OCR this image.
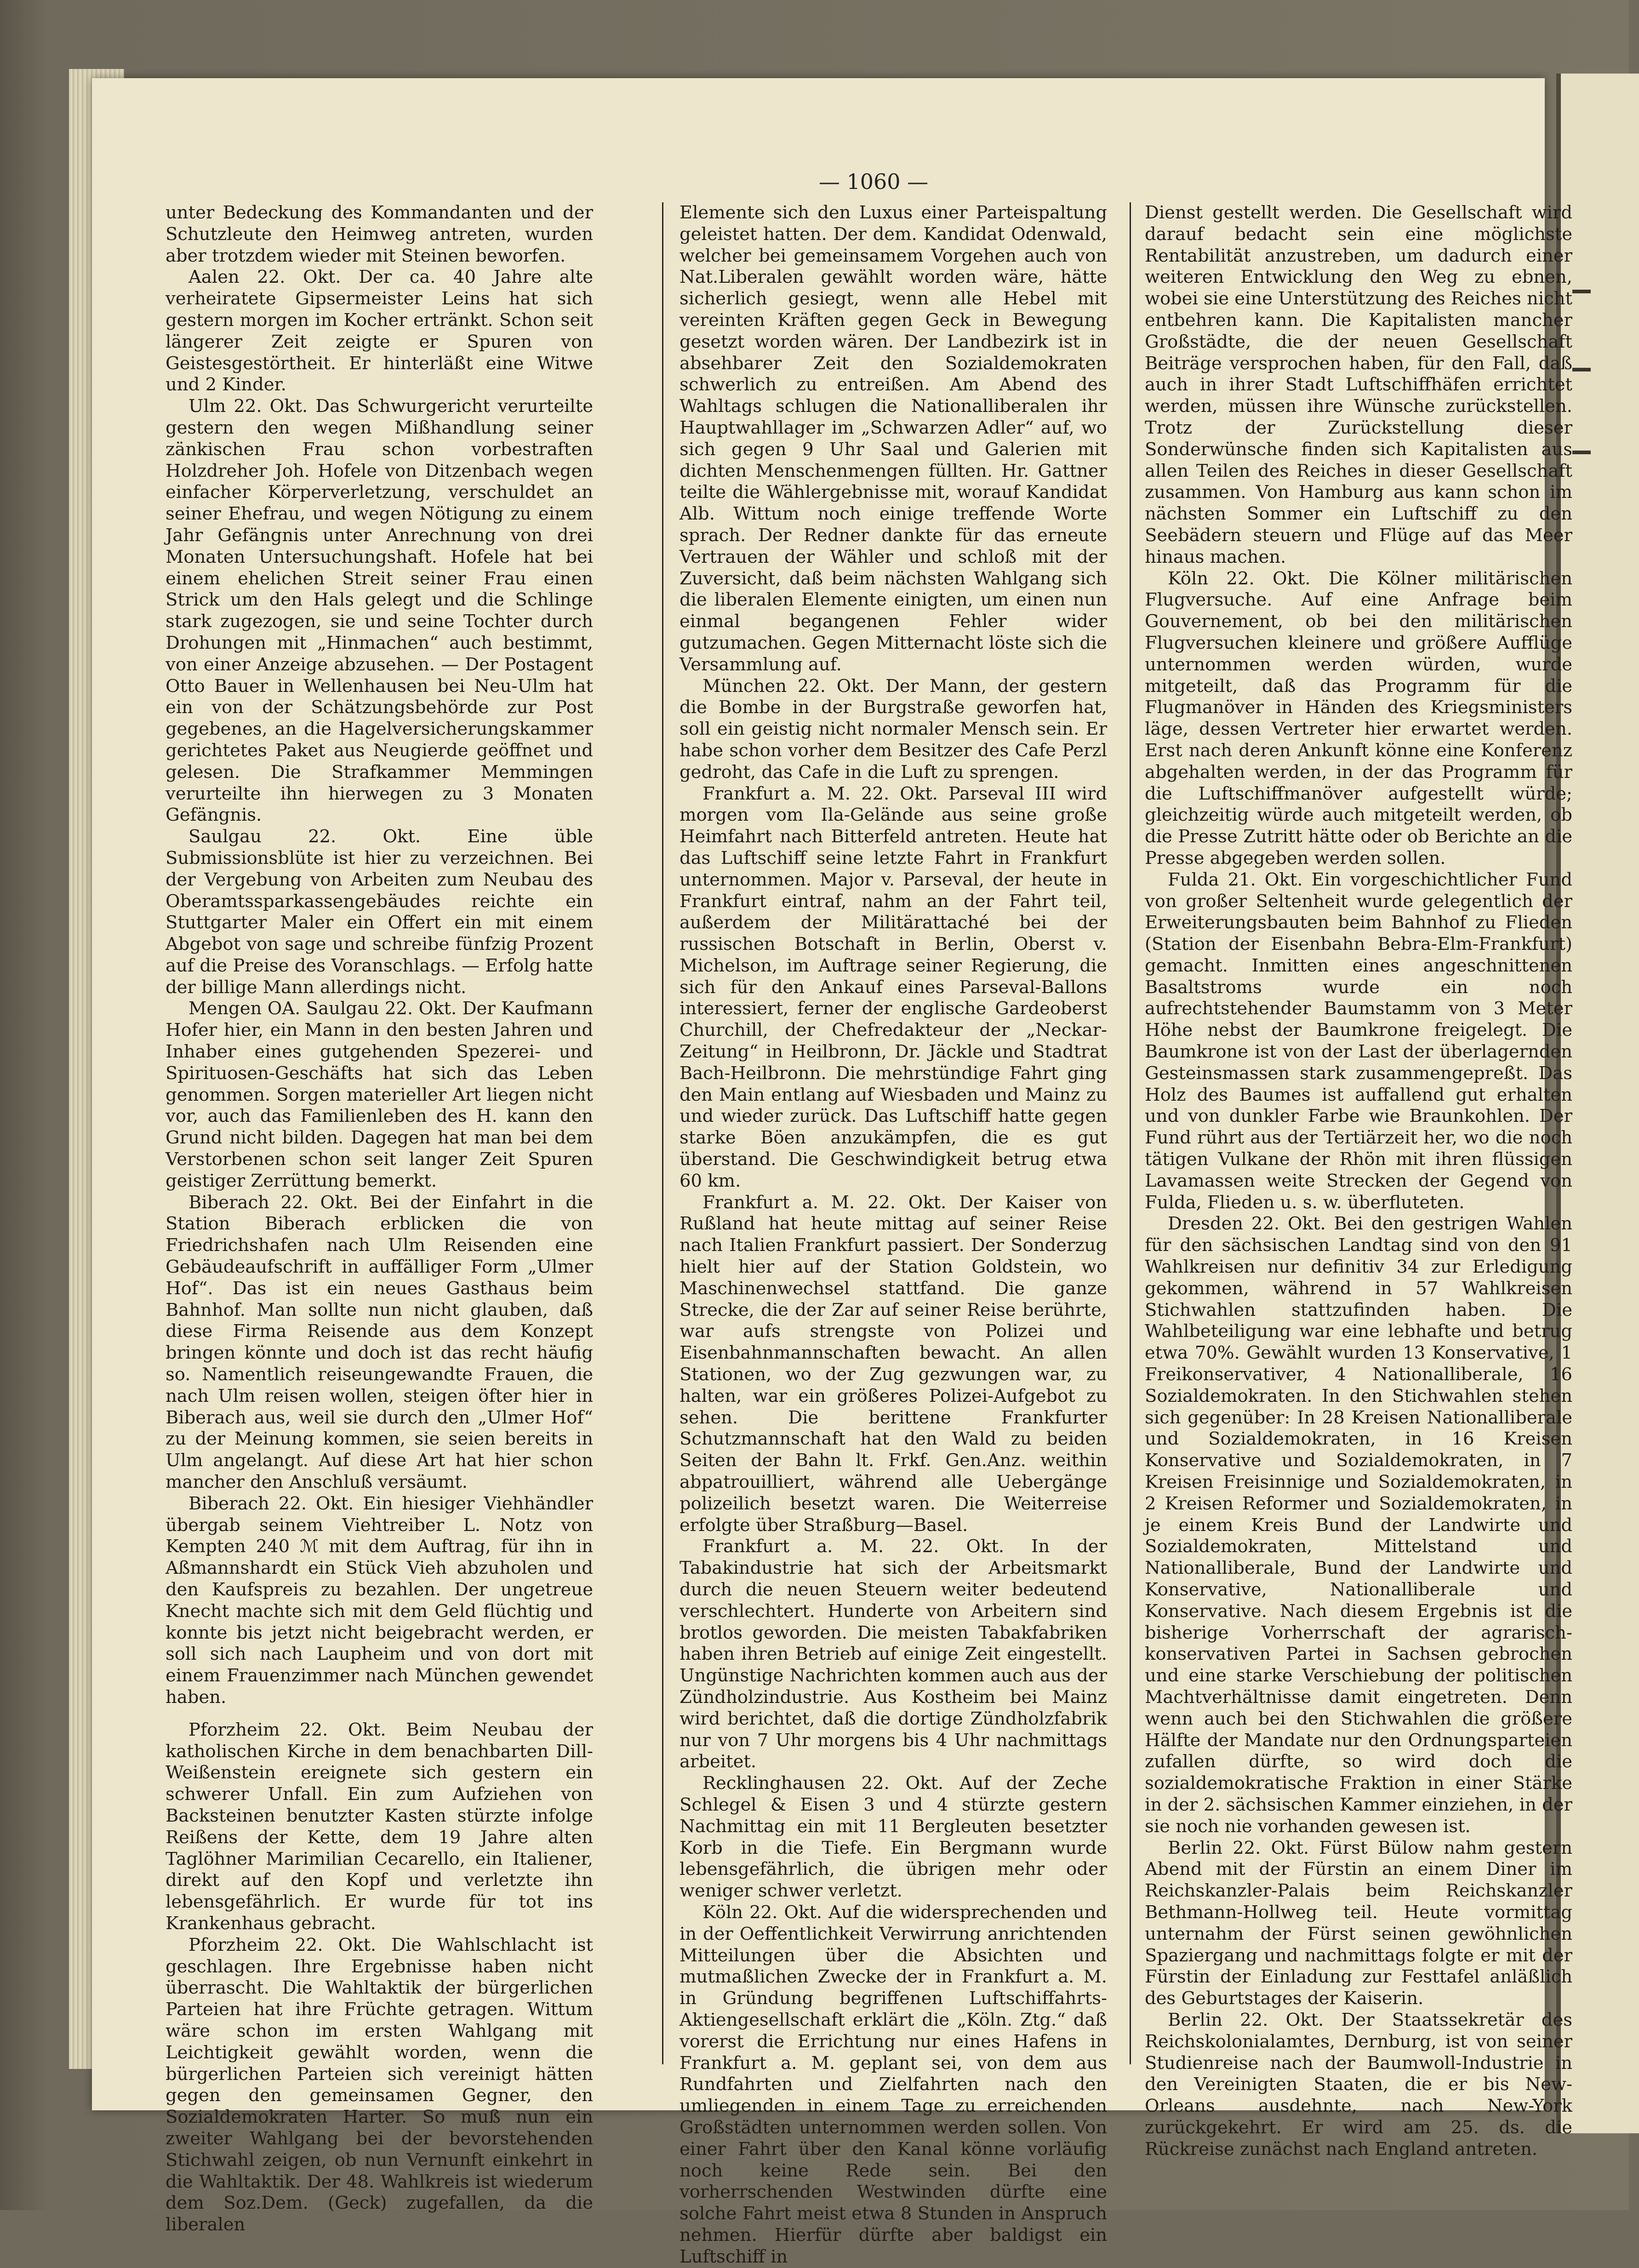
— 1060 —

unter Bedeckung des Kommandanten und der Schutzleute den Heimweg antreten, wurden aber trotzdem wieder mit Steinen beworfen.

Aalen 22. Okt. Der ca. 40 Jahre alte verheiratete Gipsermeister Leins hat sich gestern morgen im Kocher ertränkt. Schon seit längerer Zeit zeigte er Spuren von Geistesgestörtheit. Er hinterläßt eine Witwe und 2 Kinder.

Ulm 22. Okt. Das Schwurgericht verurteilte gestern den wegen Mißhandlung seiner zänkischen Frau schon vorbestraften Holzdreher Joh. Hofele von Ditzenbach wegen einfacher Körperverletzung, verschuldet an seiner Ehefrau, und wegen Nötigung zu einem Jahr Gefängnis unter Anrechnung von drei Monaten Untersuchungshaft. Hofele hat bei einem ehelichen Streit seiner Frau einen Strick um den Hals gelegt und die Schlinge stark zugezogen, sie und seine Tochter durch Drohungen mit „Hinmachen“ auch bestimmt, von einer Anzeige abzusehen. — Der Postagent Otto Bauer in Wellenhausen bei Neu-Ulm hat ein von der Schätzungsbehörde zur Post gegebenes, an die Hagelversicherungskammer gerichtetes Paket aus Neugierde geöffnet und gelesen. Die Strafkammer Memmingen verurteilte ihn hierwegen zu 3 Monaten Gefängnis.

Saulgau 22. Okt. Eine üble Submissionsblüte ist hier zu verzeichnen. Bei der Vergebung von Arbeiten zum Neubau des Oberamtssparkassengebäudes reichte ein Stuttgarter Maler ein Offert ein mit einem Abgebot von sage und schreibe fünfzig Prozent auf die Preise des Voranschlags. — Erfolg hatte der billige Mann allerdings nicht.

Mengen OA. Saulgau 22. Okt. Der Kaufmann Hofer hier, ein Mann in den besten Jahren und Inhaber eines gutgehenden Spezerei- und Spirituosen-Geschäfts hat sich das Leben genommen. Sorgen materieller Art liegen nicht vor, auch das Familienleben des H. kann den Grund nicht bilden. Dagegen hat man bei dem Verstorbenen schon seit langer Zeit Spuren geistiger Zerrüttung bemerkt.

Biberach 22. Okt. Bei der Einfahrt in die Station Biberach erblicken die von Friedrichshafen nach Ulm Reisenden eine Gebäudeaufschrift in auffälliger Form „Ulmer Hof“. Das ist ein neues Gasthaus beim Bahnhof. Man sollte nun nicht glauben, daß diese Firma Reisende aus dem Konzept bringen könnte und doch ist das recht häufig so. Namentlich reiseungewandte Frauen, die nach Ulm reisen wollen, steigen öfter hier in Biberach aus, weil sie durch den „Ulmer Hof“ zu der Meinung kommen, sie seien bereits in Ulm angelangt. Auf diese Art hat hier schon mancher den Anschluß versäumt.

Biberach 22. Okt. Ein hiesiger Viehhändler übergab seinem Viehtreiber L. Notz von Kempten 240 ℳ mit dem Auftrag, für ihn in Aßmannshardt ein Stück Vieh abzuholen und den Kaufspreis zu bezahlen. Der ungetreue Knecht machte sich mit dem Geld flüchtig und konnte bis jetzt nicht beigebracht werden, er soll sich nach Laupheim und von dort mit einem Frauenzimmer nach München gewendet haben.

Pforzheim 22. Okt. Beim Neubau der katholischen Kirche in dem benachbarten Dill-Weißenstein ereignete sich gestern ein schwerer Unfall. Ein zum Aufziehen von Backsteinen benutzter Kasten stürzte infolge Reißens der Kette, dem 19 Jahre alten Taglöhner Marimilian Cecarello, ein Italiener, direkt auf den Kopf und verletzte ihn lebensgefährlich. Er wurde für tot ins Krankenhaus gebracht.

Pforzheim 22. Okt. Die Wahlschlacht ist geschlagen. Ihre Ergebnisse haben nicht überrascht. Die Wahltaktik der bürgerlichen Parteien hat ihre Früchte getragen. Wittum wäre schon im ersten Wahlgang mit Leichtigkeit gewählt worden, wenn die bürgerlichen Parteien sich vereinigt hätten gegen den gemeinsamen Gegner, den Sozialdemokraten Harter. So muß nun ein zweiter Wahlgang bei der bevorstehenden Stichwahl zeigen, ob nun Vernunft einkehrt in die Wahltaktik. Der 48. Wahlkreis ist wiederum dem Soz.Dem. (Geck) zugefallen, da die liberalen

Elemente sich den Luxus einer Parteispaltung geleistet hatten. Der dem. Kandidat Odenwald, welcher bei gemeinsamem Vorgehen auch von Nat.Liberalen gewählt worden wäre, hätte sicherlich gesiegt, wenn alle Hebel mit vereinten Kräften gegen Geck in Bewegung gesetzt worden wären. Der Landbezirk ist in absehbarer Zeit den Sozialdemokraten schwerlich zu entreißen. Am Abend des Wahltags schlugen die Nationalliberalen ihr Hauptwahllager im „Schwarzen Adler“ auf, wo sich gegen 9 Uhr Saal und Galerien mit dichten Menschenmengen füllten. Hr. Gattner teilte die Wählergebnisse mit, worauf Kandidat Alb. Wittum noch einige treffende Worte sprach. Der Redner dankte für das erneute Vertrauen der Wähler und schloß mit der Zuversicht, daß beim nächsten Wahlgang sich die liberalen Elemente einigten, um einen nun einmal begangenen Fehler wider gutzumachen. Gegen Mitternacht löste sich die Versammlung auf.

München 22. Okt. Der Mann, der gestern die Bombe in der Burgstraße geworfen hat, soll ein geistig nicht normaler Mensch sein. Er habe schon vorher dem Besitzer des Cafe Perzl gedroht, das Cafe in die Luft zu sprengen.

Frankfurt a. M. 22. Okt. Parseval III wird morgen vom Ila-Gelände aus seine große Heimfahrt nach Bitterfeld antreten. Heute hat das Luftschiff seine letzte Fahrt in Frankfurt unternommen. Major v. Parseval, der heute in Frankfurt eintraf, nahm an der Fahrt teil, außerdem der Militärattaché bei der russischen Botschaft in Berlin, Oberst v. Michelson, im Auftrage seiner Regierung, die sich für den Ankauf eines Parseval-Ballons interessiert, ferner der englische Gardeoberst Churchill, der Chefredakteur der „Neckar-Zeitung“ in Heilbronn, Dr. Jäckle und Stadtrat Bach-Heilbronn. Die mehrstündige Fahrt ging den Main entlang auf Wiesbaden und Mainz zu und wieder zurück. Das Luftschiff hatte gegen starke Böen anzukämpfen, die es gut überstand. Die Geschwindigkeit betrug etwa 60 km.

Frankfurt a. M. 22. Okt. Der Kaiser von Rußland hat heute mittag auf seiner Reise nach Italien Frankfurt passiert. Der Sonderzug hielt hier auf der Station Goldstein, wo Maschinenwechsel stattfand. Die ganze Strecke, die der Zar auf seiner Reise berührte, war aufs strengste von Polizei und Eisenbahnmannschaften bewacht. An allen Stationen, wo der Zug gezwungen war, zu halten, war ein größeres Polizei-Aufgebot zu sehen. Die berittene Frankfurter Schutzmannschaft hat den Wald zu beiden Seiten der Bahn lt. Frkf. Gen.Anz. weithin abpatrouilliert, während alle Uebergänge polizeilich besetzt waren. Die Weiterreise erfolgte über Straßburg—Basel.

Frankfurt a. M. 22. Okt. In der Tabakindustrie hat sich der Arbeitsmarkt durch die neuen Steuern weiter bedeutend verschlechtert. Hunderte von Arbeitern sind brotlos geworden. Die meisten Tabakfabriken haben ihren Betrieb auf einige Zeit eingestellt. Ungünstige Nachrichten kommen auch aus der Zündholzindustrie. Aus Kostheim bei Mainz wird berichtet, daß die dortige Zündholzfabrik nur von 7 Uhr morgens bis 4 Uhr nachmittags arbeitet.

Recklinghausen 22. Okt. Auf der Zeche Schlegel & Eisen 3 und 4 stürzte gestern Nachmittag ein mit 11 Bergleuten besetzter Korb in die Tiefe. Ein Bergmann wurde lebensgefährlich, die übrigen mehr oder weniger schwer verletzt.

Köln 22. Okt. Auf die widersprechenden und in der Oeffentlichkeit Verwirrung anrichtenden Mitteilungen über die Absichten und mutmaßlichen Zwecke der in Frankfurt a. M. in Gründung begriffenen Luftschiffahrts-Aktiengesellschaft erklärt die „Köln. Ztg.“ daß vorerst die Errichtung nur eines Hafens in Frankfurt a. M. geplant sei, von dem aus Rundfahrten und Zielfahrten nach den umliegenden in einem Tage zu erreichenden Großstädten unternommen werden sollen. Von einer Fahrt über den Kanal könne vorläufig noch keine Rede sein. Bei den vorherrschenden Westwinden dürfte eine solche Fahrt meist etwa 8 Stunden in Anspruch nehmen. Hierfür dürfte aber baldigst ein Luftschiff in

Dienst gestellt werden. Die Gesellschaft wird darauf bedacht sein eine möglichste Rentabilität anzustreben, um dadurch einer weiteren Entwicklung den Weg zu ebnen, wobei sie eine Unterstützung des Reiches nicht entbehren kann. Die Kapitalisten mancher Großstädte, die der neuen Gesellschaft Beiträge versprochen haben, für den Fall, daß auch in ihrer Stadt Luftschiffhäfen errichtet werden, müssen ihre Wünsche zurückstellen. Trotz der Zurückstellung dieser Sonderwünsche finden sich Kapitalisten aus allen Teilen des Reiches in dieser Gesellschaft zusammen. Von Hamburg aus kann schon im nächsten Sommer ein Luftschiff zu den Seebädern steuern und Flüge auf das Meer hinaus machen.

Köln 22. Okt. Die Kölner militärischen Flugversuche. Auf eine Anfrage beim Gouvernement, ob bei den militärischen Flugversuchen kleinere und größere Aufflüge unternommen werden würden, wurde mitgeteilt, daß das Programm für die Flugmanöver in Händen des Kriegsministers läge, dessen Vertreter hier erwartet werden. Erst nach deren Ankunft könne eine Konferenz abgehalten werden, in der das Programm für die Luftschiffmanöver aufgestellt würde; gleichzeitig würde auch mitgeteilt werden, ob die Presse Zutritt hätte oder ob Berichte an die Presse abgegeben werden sollen.

Fulda 21. Okt. Ein vorgeschichtlicher Fund von großer Seltenheit wurde gelegentlich der Erweiterungsbauten beim Bahnhof zu Flieden (Station der Eisenbahn Bebra-Elm-Frankfurt) gemacht. Inmitten eines angeschnittenen Basaltstroms wurde ein noch aufrechtstehender Baumstamm von 3 Meter Höhe nebst der Baumkrone freigelegt. Die Baumkrone ist von der Last der überlagernden Gesteinsmassen stark zusammengepreßt. Das Holz des Baumes ist auffallend gut erhalten und von dunkler Farbe wie Braunkohlen. Der Fund rührt aus der Tertiärzeit her, wo die noch tätigen Vulkane der Rhön mit ihren flüssigen Lavamassen weite Strecken der Gegend von Fulda, Flieden u. s. w. überfluteten.

Dresden 22. Okt. Bei den gestrigen Wahlen für den sächsischen Landtag sind von den 91 Wahlkreisen nur definitiv 34 zur Erledigung gekommen, während in 57 Wahlkreisen Stichwahlen stattzufinden haben. Die Wahlbeteiligung war eine lebhafte und betrug etwa 70%. Gewählt wurden 13 Konservative, 1 Freikonservativer, 4 Nationalliberale, 16 Sozialdemokraten. In den Stichwahlen stehen sich gegenüber: In 28 Kreisen Nationalliberale und Sozialdemokraten, in 16 Kreisen Konservative und Sozialdemokraten, in 7 Kreisen Freisinnige und Sozialdemokraten, in 2 Kreisen Reformer und Sozialdemokraten, in je einem Kreis Bund der Landwirte und Sozialdemokraten, Mittelstand und Nationalliberale, Bund der Landwirte und Konservative, Nationalliberale und Konservative. Nach diesem Ergebnis ist die bisherige Vorherrschaft der agrarisch-konservativen Partei in Sachsen gebrochen und eine starke Verschiebung der politischen Machtverhältnisse damit eingetreten. Denn wenn auch bei den Stichwahlen die größere Hälfte der Mandate nur den Ordnungsparteien zufallen dürfte, so wird doch die sozialdemokratische Fraktion in einer Stärke in der 2. sächsischen Kammer einziehen, in der sie noch nie vorhanden gewesen ist.

Berlin 22. Okt. Fürst Bülow nahm gestern Abend mit der Fürstin an einem Diner im Reichskanzler-Palais beim Reichskanzler Bethmann-Hollweg teil. Heute vormittag unternahm der Fürst seinen gewöhnlichen Spaziergang und nachmittags folgte er mit der Fürstin der Einladung zur Festtafel anläßlich des Geburtstages der Kaiserin.

Berlin 22. Okt. Der Staatssekretär des Reichskolonialamtes, Dernburg, ist von seiner Studienreise nach der Baumwoll-Industrie in den Vereinigten Staaten, die er bis New-Orleans ausdehnte, nach New-York zurückgekehrt. Er wird am 25. ds. die Rückreise zunächst nach England antreten.
